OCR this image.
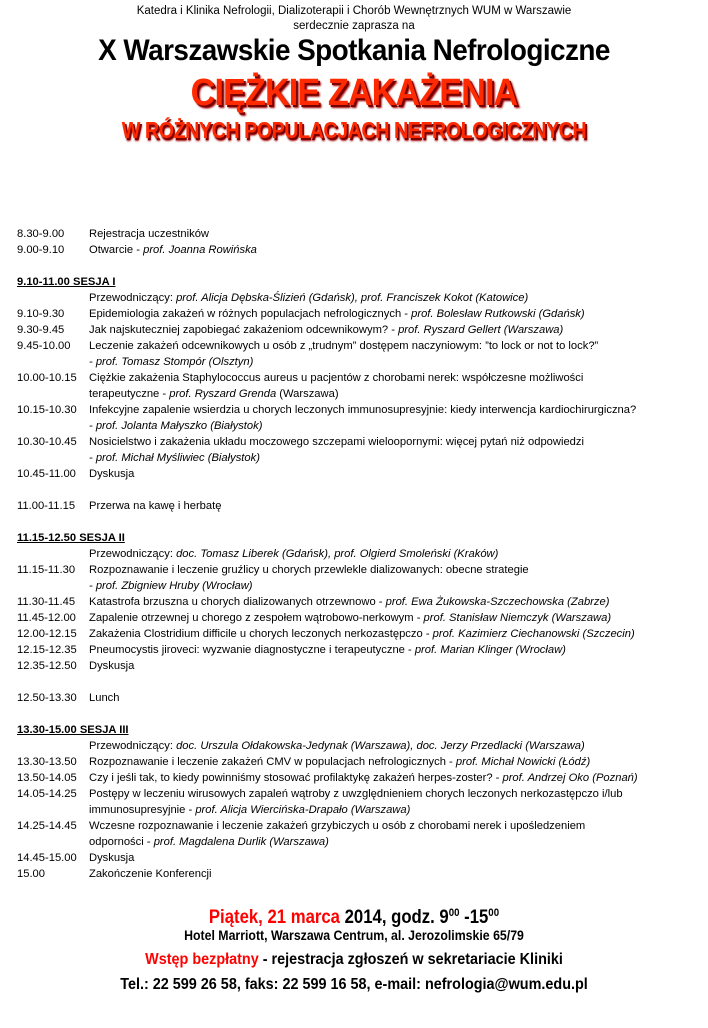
Katedra i Klinika Nefrologii, Dializoterapii i Chorób Wewnętrznych WUM w Warszawie
serdecznie zaprasza na
X Warszawskie Spotkania Nefrologiczne
CIĘŻKIE ZAKAŻENIA
W RÓŻNYCH POPULACJACH NEFROLOGICZNYCH
8.30-9.00	Rejestracja uczestników
9.00-9.10	Otwarcie - prof. Joanna Rowińska
9.10-11.00 SESJA I
Przewodniczący: prof. Alicja Dębska-Ślizień (Gdańsk), prof. Franciszek Kokot (Katowice)
9.10-9.30	Epidemiologia zakażeń w różnych populacjach nefrologicznych - prof. Bolesław Rutkowski (Gdańsk)
9.30-9.45	Jak najskuteczniej zapobiegać zakażeniom odcewnikowym? - prof. Ryszard Gellert (Warszawa)
9.45-10.00	Leczenie zakażeń odcewnikowych u osób z „trudnym” dostępem naczyniowym: ”to lock or not to lock?”
- prof. Tomasz Stompór (Olsztyn)
10.00-10.15	Ciężkie zakażenia Staphylococcus aureus u pacjentów z chorobami nerek: współczesne możliwości
terapeutyczne - prof. Ryszard Grenda (Warszawa)
10.15-10.30	Infekcyjne zapalenie wsierdzia u chorych leczonych immunosupresyjnie: kiedy interwencja kardiochirurgiczna?
- prof. Jolanta Małyszko (Białystok)
10.30-10.45	Nosicielstwo i zakażenia układu moczowego szczepami wieloopornymi: więcej pytań niż odpowiedzi
- prof. Michał Myśliwiec (Białystok)
10.45-11.00	Dyskusja
11.00-11.15	Przerwa na kawę i herbatę
11.15-12.50 SESJA II
Przewodniczący: doc. Tomasz Liberek (Gdańsk), prof. Olgierd Smoleński (Kraków)
11.15-11.30	Rozpoznawanie i leczenie gruźlicy u chorych przewlekle dializowanych: obecne strategie
- prof. Zbigniew Hruby (Wrocław)
11.30-11.45	Katastrofa brzuszna u chorych dializowanych otrzewnowo - prof. Ewa Żukowska-Szczechowska (Zabrze)
11.45-12.00	Zapalenie otrzewnej u chorego z zespołem wątrobowo-nerkowym - prof. Stanisław Niemczyk (Warszawa)
12.00-12.15	Zakażenia Clostridium difficile u chorych leczonych nerkozastępczo - prof. Kazimierz Ciechanowski (Szczecin)
12.15-12.35	Pneumocystis jiroveci: wyzwanie diagnostyczne i terapeutyczne - prof. Marian Klinger (Wrocław)
12.35-12.50	Dyskusja
12.50-13.30	Lunch
13.30-15.00 SESJA III
Przewodniczący: doc. Urszula Ołdakowska-Jedynak (Warszawa), doc. Jerzy Przedlacki (Warszawa)
13.30-13.50	Rozpoznawanie i leczenie zakażeń CMV w populacjach nefrologicznych - prof. Michał Nowicki (Łódź)
13.50-14.05	Czy i jeśli tak, to kiedy powinniśmy stosować profilaktykę zakażeń herpes-zoster? - prof. Andrzej Oko (Poznań)
14.05-14.25	Postępy w leczeniu wirusowych zapaleń wątroby z uwzględnieniem chorych leczonych nerkozastępczo i/lub
immunosupresyjnie - prof. Alicja Wiercińska-Drapało (Warszawa)
14.25-14.45	Wczesne rozpoznawanie i leczenie zakażeń grzybiczych u osób z chorobami nerek i upośledzeniem
odporności - prof. Magdalena Durlik (Warszawa)
14.45-15.00	Dyskusja
15.00	Zakończenie Konferencji
Piątek, 21 marca 2014, godz. $9^{00}$ $-15^{00}$
Hotel Marriott, Warszawa Centrum, al. Jerozolimskie 65/79
Wstęp bezpłatny - rejestracja zgłoszeń w sekretariacie Kliniki
Tel.: 22 599 26 58, faks: 22 599 16 58, e-mail: nefrologia@wum.edu.pl
